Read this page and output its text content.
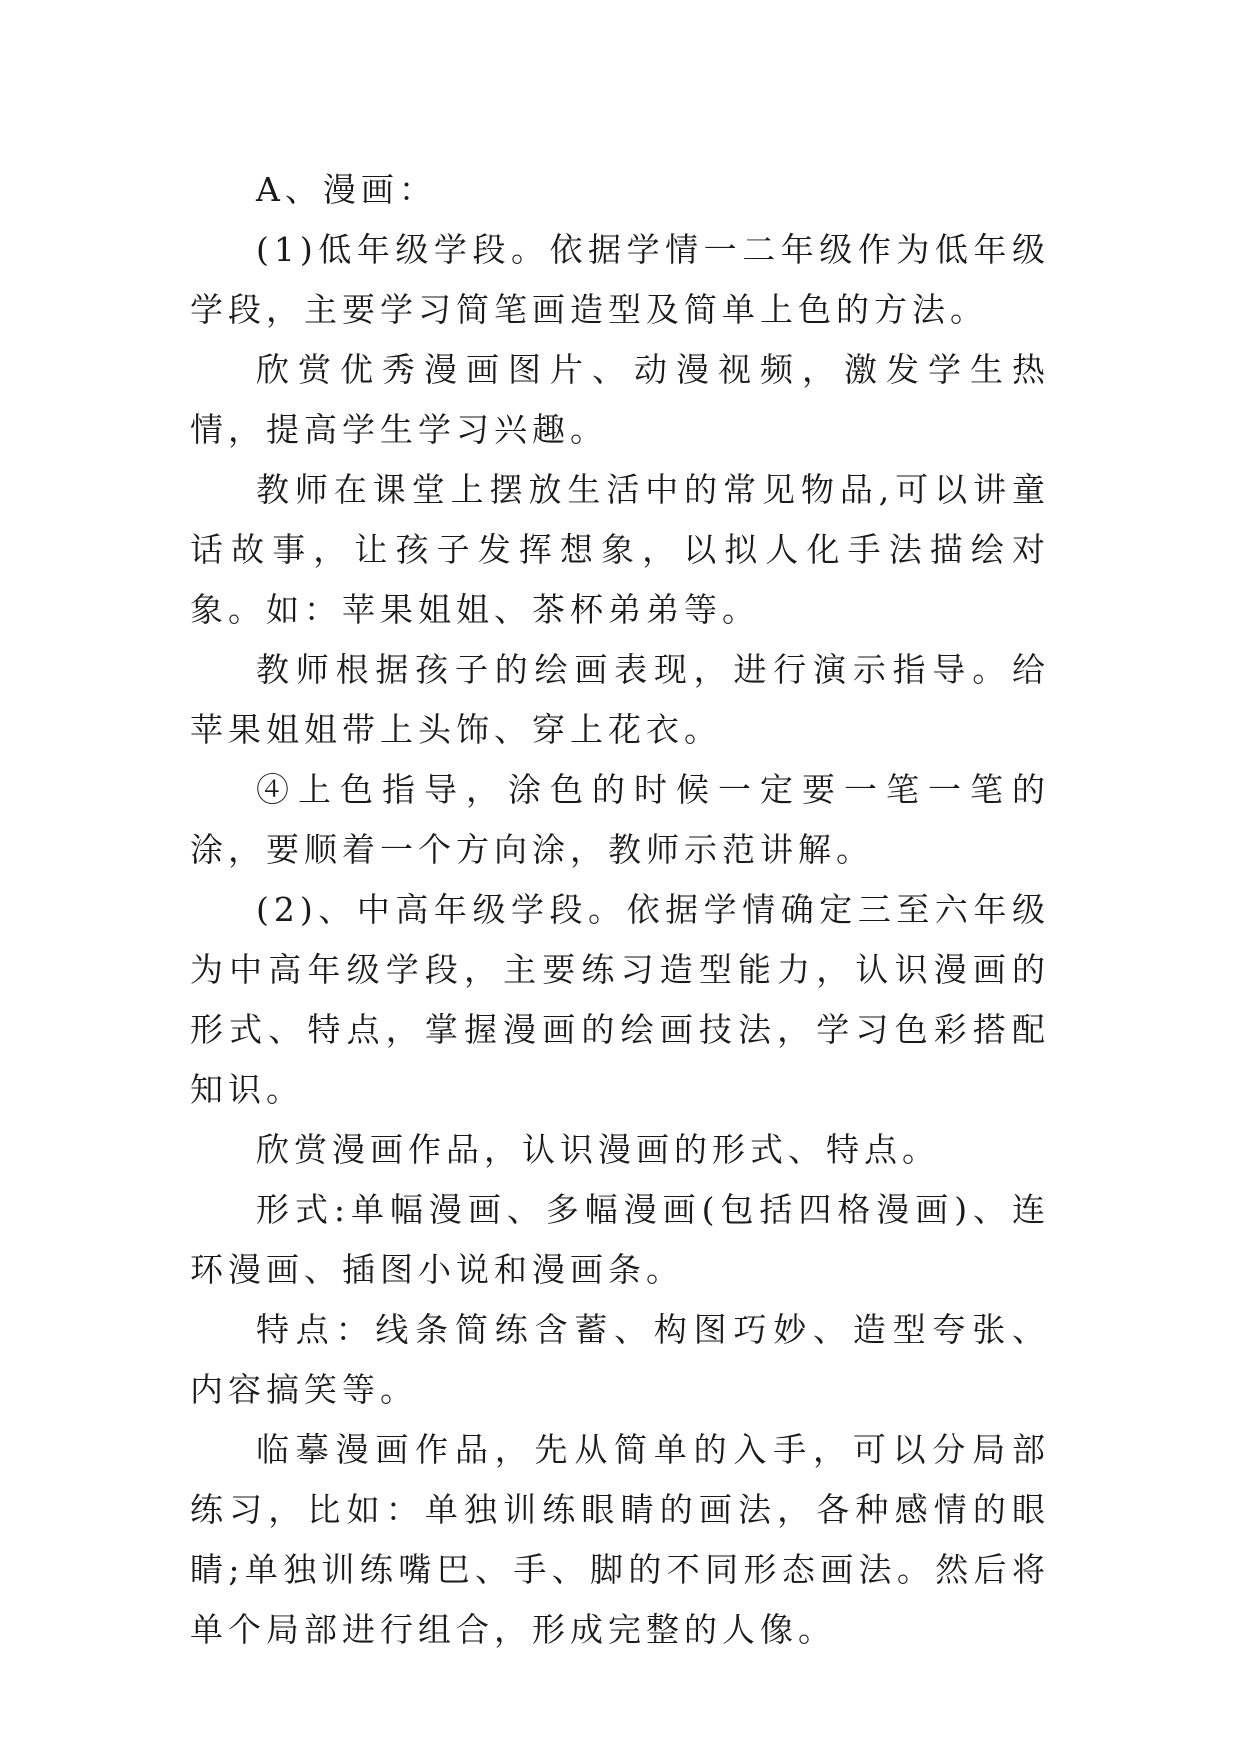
A、漫画：

(1)低年级学段。依据学情一二年级作为低年级学段，主要学习简笔画造型及简单上色的方法。

欣赏优秀漫画图片、动漫视频，激发学生热情，提高学生学习兴趣。

教师在课堂上摆放生活中的常见物品,可以讲童话故事，让孩子发挥想象，以拟人化手法描绘对象。如：苹果姐姐、茶杯弟弟等。

教师根据孩子的绘画表现，进行演示指导。给苹果姐姐带上头饰、穿上花衣。

④上色指导，涂色的时候一定要一笔一笔的涂，要顺着一个方向涂，教师示范讲解。

(2)、中高年级学段。依据学情确定三至六年级为中高年级学段，主要练习造型能力，认识漫画的形式、特点，掌握漫画的绘画技法，学习色彩搭配知识。

欣赏漫画作品，认识漫画的形式、特点。

形式:单幅漫画、多幅漫画(包括四格漫画)、连环漫画、插图小说和漫画条。

特点：线条简练含蓄、构图巧妙、造型夸张、内容搞笑等。

临摹漫画作品，先从简单的入手，可以分局部练习，比如：单独训练眼睛的画法，各种感情的眼睛;单独训练嘴巴、手、脚的不同形态画法。然后将单个局部进行组合，形成完整的人像。
